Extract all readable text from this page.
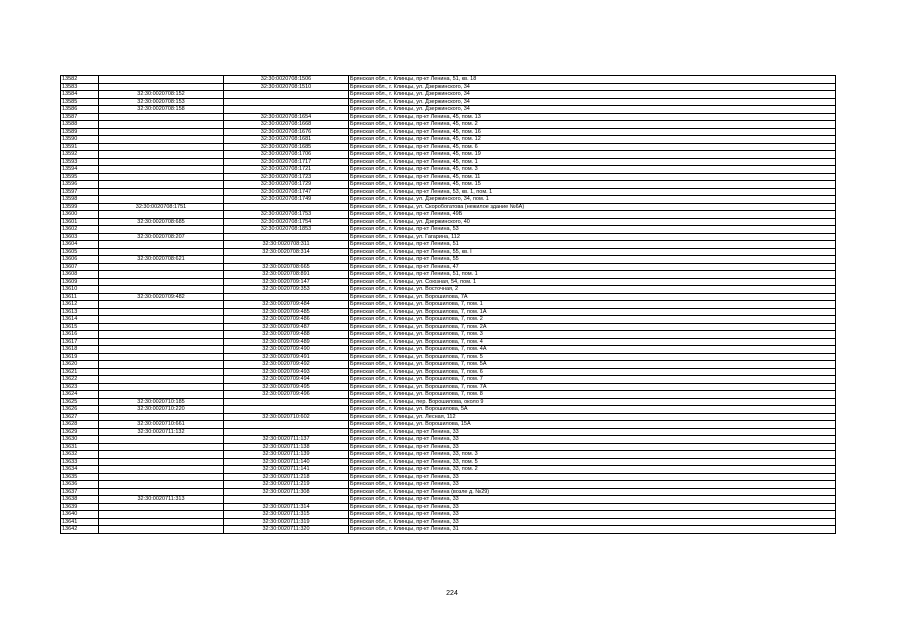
13582		32:30:0020708:1506	Брянская обл., г. Клинцы, пр-кт Ленина, 51, кв. 18
13583		32:30:0020708:1510	Брянская обл., г. Клинцы, ул. Дзержинского, 34
13584	32:30:0020708:152		Брянская обл., г. Клинцы, ул. Дзержинского, 34
13585	32:30:0020708:153		Брянская обл., г. Клинцы, ул. Дзержинского, 34
13586	32:30:0020708:158		Брянская обл., г. Клинцы, ул. Дзержинского, 34
13587		32:30:0020708:1654	Брянская обл., г. Клинцы, пр-кт Ленина, 45, пом. 13
13588		32:30:0020708:1668	Брянская обл., г. Клинцы, пр-кт Ленина, 45, пом. 2
13589		32:30:0020708:1676	Брянская обл., г. Клинцы, пр-кт Ленина, 45, пом. 16
13590		32:30:0020708:1681	Брянская обл., г. Клинцы, пр-кт Ленина, 45, пом. 12
13591		32:30:0020708:1685	Брянская обл., г. Клинцы, пр-кт Ленина, 45, пом. 6
13592		32:30:0020708:1706	Брянская обл., г. Клинцы, пр-кт Ленина, 45, пом. 19
13593		32:30:0020708:1717	Брянская обл., г. Клинцы, пр-кт Ленина, 45, пом. 1
13594		32:30:0020708:1721	Брянская обл., г. Клинцы, пр-кт Ленина, 45, пом. 3
13595		32:30:0020708:1723	Брянская обл., г. Клинцы, пр-кт Ленина, 45, пом. 11
13596		32:30:0020708:1729	Брянская обл., г. Клинцы, пр-кт Ленина, 45, пом. 15
13597		32:30:0020708:1747	Брянская обл., г. Клинцы, пр-кт Ленина, 53, кв. 1, пом. 1
13598		32:30:0020708:1749	Брянская обл., г. Клинцы, ул. Дзержинского, 34, пом. 1
13599	32:30:0020708:1751		Брянская обл., г. Клинцы, ул. Скоробогатова (нежилое здание №6А)
13600		32:30:0020708:1753	Брянская обл., г. Клинцы, пр-кт Ленина, 49Б
13601	32:30:0020708:685	32:30:0020708:1754	Брянская обл., г. Клинцы, ул. Дзержинского, 40
13602		32:30:0020708:1853	Брянская обл., г. Клинцы, пр-кт Ленина, 53
13603	32:30:0020708:207		Брянская обл., г. Клинцы, ул. Гагарина, 112
13604		32:30:0020708:311	Брянская обл., г. Клинцы, пр-кт Ленина, 51
13605		32:30:0020708:314	Брянская обл., г. Клинцы, пр-кт Ленина, 55, кв. I
13606	32:30:0020708:621		Брянская обл., г. Клинцы, пр-кт Ленина, 55
13607		32:30:0020708:665	Брянская обл., г. Клинцы, пр-кт Ленина, 47
13608		32:30:0020708:891	Брянская обл., г. Клинцы, пр-кт Ленина, 51, пом. 1
13609		32:30:0020709:147	Брянская обл., г. Клинцы, ул. Союзная, 54, пом. 1
13610		32:30:0020709:353	Брянская обл., г. Клинцы, ул. Восточная, 2
13611	32:30:0020709:482		Брянская обл., г. Клинцы, ул. Ворошилова, 7А
13612		32:30:0020709:484	Брянская обл., г. Клинцы, ул. Ворошилова, 7, пом. 1
13613		32:30:0020709:485	Брянская обл., г. Клинцы, ул. Ворошилова, 7, пом. 1А
13614		32:30:0020709:486	Брянская обл., г. Клинцы, ул. Ворошилова, 7, пом. 2
13615		32:30:0020709:487	Брянская обл., г. Клинцы, ул. Ворошилова, 7, пом. 2А
13616		32:30:0020709:488	Брянская обл., г. Клинцы, ул. Ворошилова, 7, пом. 3
13617		32:30:0020709:489	Брянская обл., г. Клинцы, ул. Ворошилова, 7, пом. 4
13618		32:30:0020709:490	Брянская обл., г. Клинцы, ул. Ворошилова, 7, пом. 4А
13619		32:30:0020709:491	Брянская обл., г. Клинцы, ул. Ворошилова, 7, пом. 5
13620		32:30:0020709:492	Брянская обл., г. Клинцы, ул. Ворошилова, 7, пом. 5А
13621		32:30:0020709:493	Брянская обл., г. Клинцы, ул. Ворошилова, 7, пом. 6
13622		32:30:0020709:494	Брянская обл., г. Клинцы, ул. Ворошилова, 7, пом. 7
13623		32:30:0020709:495	Брянская обл., г. Клинцы, ул. Ворошилова, 7, пом. 7А
13624		32:30:0020709:496	Брянская обл., г. Клинцы, ул. Ворошилова, 7, пом. 8
13625	32:30:0020710:185		Брянская обл., г. Клинцы, пер. Ворошилова, около 9
13626	32:30:0020710:220		Брянская обл., г. Клинцы, ул. Ворошилова, 5А
13627		32:30:0020710:602	Брянская обл., г. Клинцы, ул. Лесная, 112
13628	32:30:0020710:661		Брянская обл., г. Клинцы, ул. Ворошилова, 15А
13629	32:30:0020711:132		Брянская обл., г. Клинцы, пр-кт Ленина, 33
13630		32:30:0020711:137	Брянская обл., г. Клинцы, пр-кт Ленина, 33
13631		32:30:0020711:138	Брянская обл., г. Клинцы, пр-кт Ленина, 33
13632		32:30:0020711:139	Брянская обл., г. Клинцы, пр-кт Ленина, 33, пом. 3
13633		32:30:0020711:140	Брянская обл., г. Клинцы, пр-кт Ленина, 33, пом. 5
13634		32:30:0020711:141	Брянская обл., г. Клинцы, пр-кт Ленина, 33, пом. 2
13635		32:30:0020711:218	Брянская обл., г. Клинцы, пр-кт Ленина, 33
13636		32:30:0020711:219	Брянская обл., г. Клинцы, пр-кт Ленина, 33
13637		32:30:0020711:308	Брянская обл., г. Клинцы, пр-кт Ленина (возле д. №29)
13638	32:30:0020711:313		Брянская обл., г. Клинцы, пр-кт Ленина, 33
13639		32:30:0020711:314	Брянская обл., г. Клинцы, пр-кт Ленина, 33
13640		32:30:0020711:315	Брянская обл., г. Клинцы, пр-кт Ленина, 33
13641		32:30:0020711:319	Брянская обл., г. Клинцы, пр-кт Ленина, 33
13642		32:30:0020711:320	Брянская обл., г. Клинцы, пр-кт Ленина, 31
224
